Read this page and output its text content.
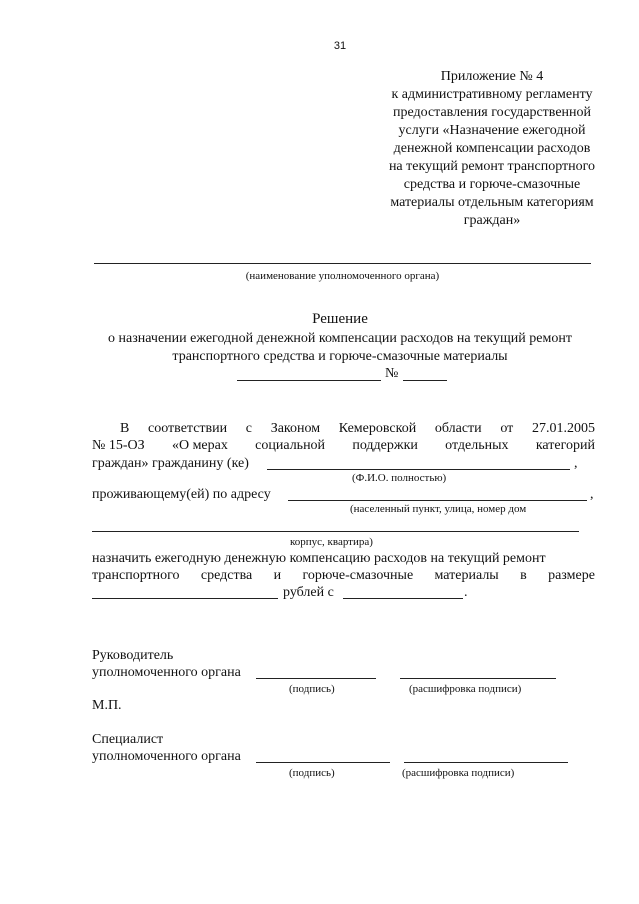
31
Приложение № 4
к административному регламенту
предоставления государственной
услуги «Назначение ежегодной
денежной компенсации расходов
на текущий ремонт транспортного
средства и горюче-смазочные
материалы отдельным категориям
граждан»
(наименование уполномоченного органа)
Решение
о назначении ежегодной денежной компенсации расходов на текущий ремонт
транспортного средства и горюче-смазочные материалы
№
В соответствии с Законом Кемеровской области от 27.01.2005
№ 15-ОЗ «О мерах социальной поддержки отдельных категорий
граждан» гражданину (ке)	,
(Ф.И.О. полностью)
проживающему(ей) по адресу	,
(населенный пункт, улица, номер дом
корпус, квартира)
назначить ежегодную денежную компенсацию расходов на текущий ремонт
транспортного средства и горюче-смазочные материалы в размере
рублей с	.
Руководитель
уполномоченного органа
(подпись)	(расшифровка подписи)
М.П.
Специалист
уполномоченного органа
(подпись)	(расшифровка подписи)
